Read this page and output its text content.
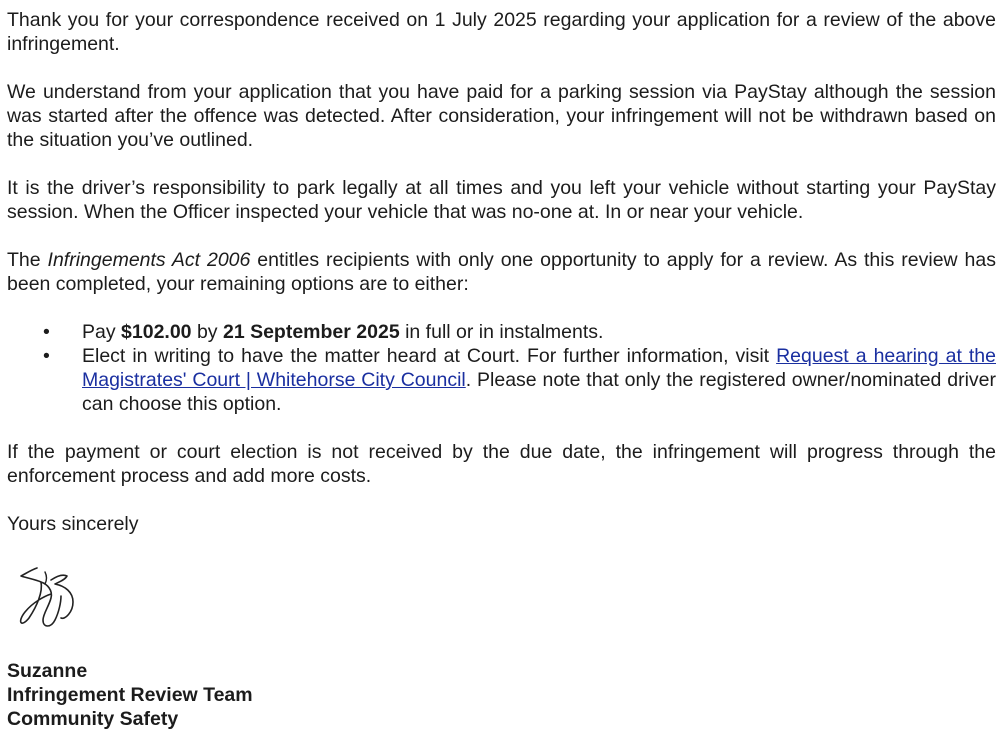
Thank you for your correspondence received on 1 July 2025 regarding your application for a review of the above infringement.

We understand from your application that you have paid for a parking session via PayStay although the session was started after the offence was detected. After consideration, your infringement will not be withdrawn based on the situation you’ve outlined.

It is the driver’s responsibility to park legally at all times and you left your vehicle without starting your PayStay session. When the Officer inspected your vehicle that was no-one at. In or near your vehicle.

The Infringements Act 2006 entitles recipients with only one opportunity to apply for a review. As this review has been completed, your remaining options are to either:

• Pay $102.00 by 21 September 2025 in full or in instalments.
• Elect in writing to have the matter heard at Court. For further information, visit Request a hearing at the Magistrates' Court | Whitehorse City Council. Please note that only the registered owner/nominated driver can choose this option.

If the payment or court election is not received by the due date, the infringement will progress through the enforcement process and add more costs.

Yours sincerely

Suzanne
Infringement Review Team
Community Safety
